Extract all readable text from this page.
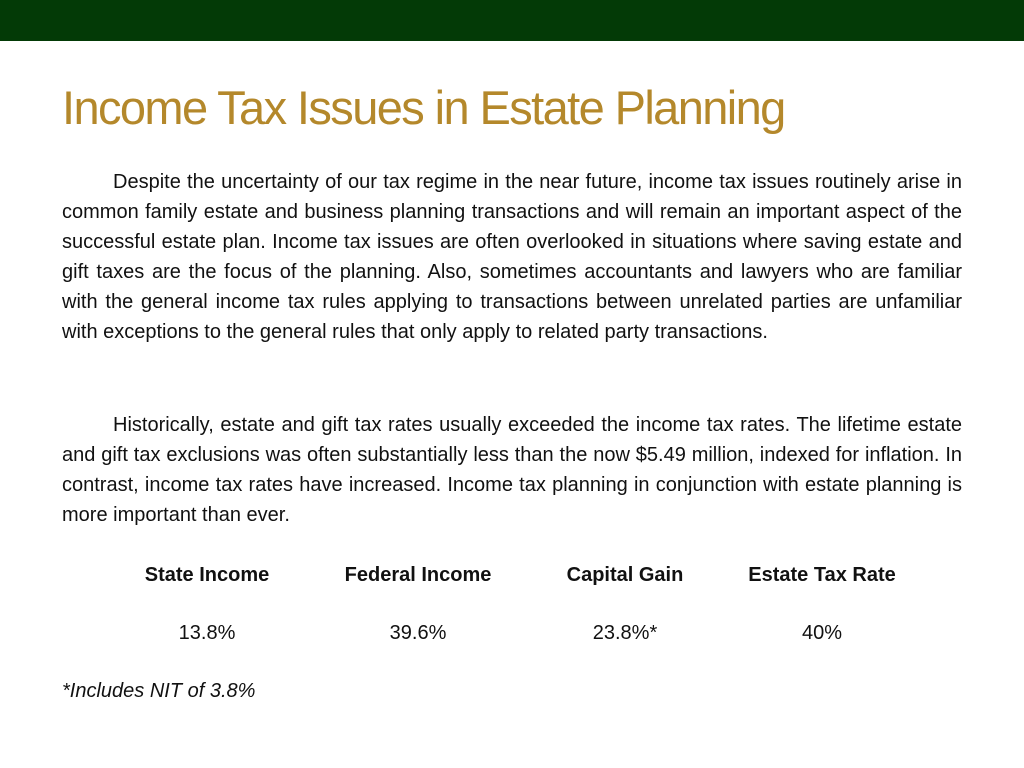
Income Tax Issues in Estate Planning

Despite the uncertainty of our tax regime in the near future, income tax issues routinely arise in common family estate and business planning transactions and will remain an important aspect of the successful estate plan. Income tax issues are often overlooked in situations where saving estate and gift taxes are the focus of the planning. Also, sometimes accountants and lawyers who are familiar with the general income tax rules applying to transactions between unrelated parties are unfamiliar with exceptions to the general rules that only apply to related party transactions.

Historically, estate and gift tax rates usually exceeded the income tax rates. The lifetime estate and gift tax exclusions was often substantially less than the now $5.49 million, indexed for inflation. In contrast, income tax rates have increased. Income tax planning in conjunction with estate planning is more important than ever.

State Income
13.8%
Federal Income
39.6%
Capital Gain
23.8%*
Estate Tax Rate
40%

*Includes NIT of 3.8%
